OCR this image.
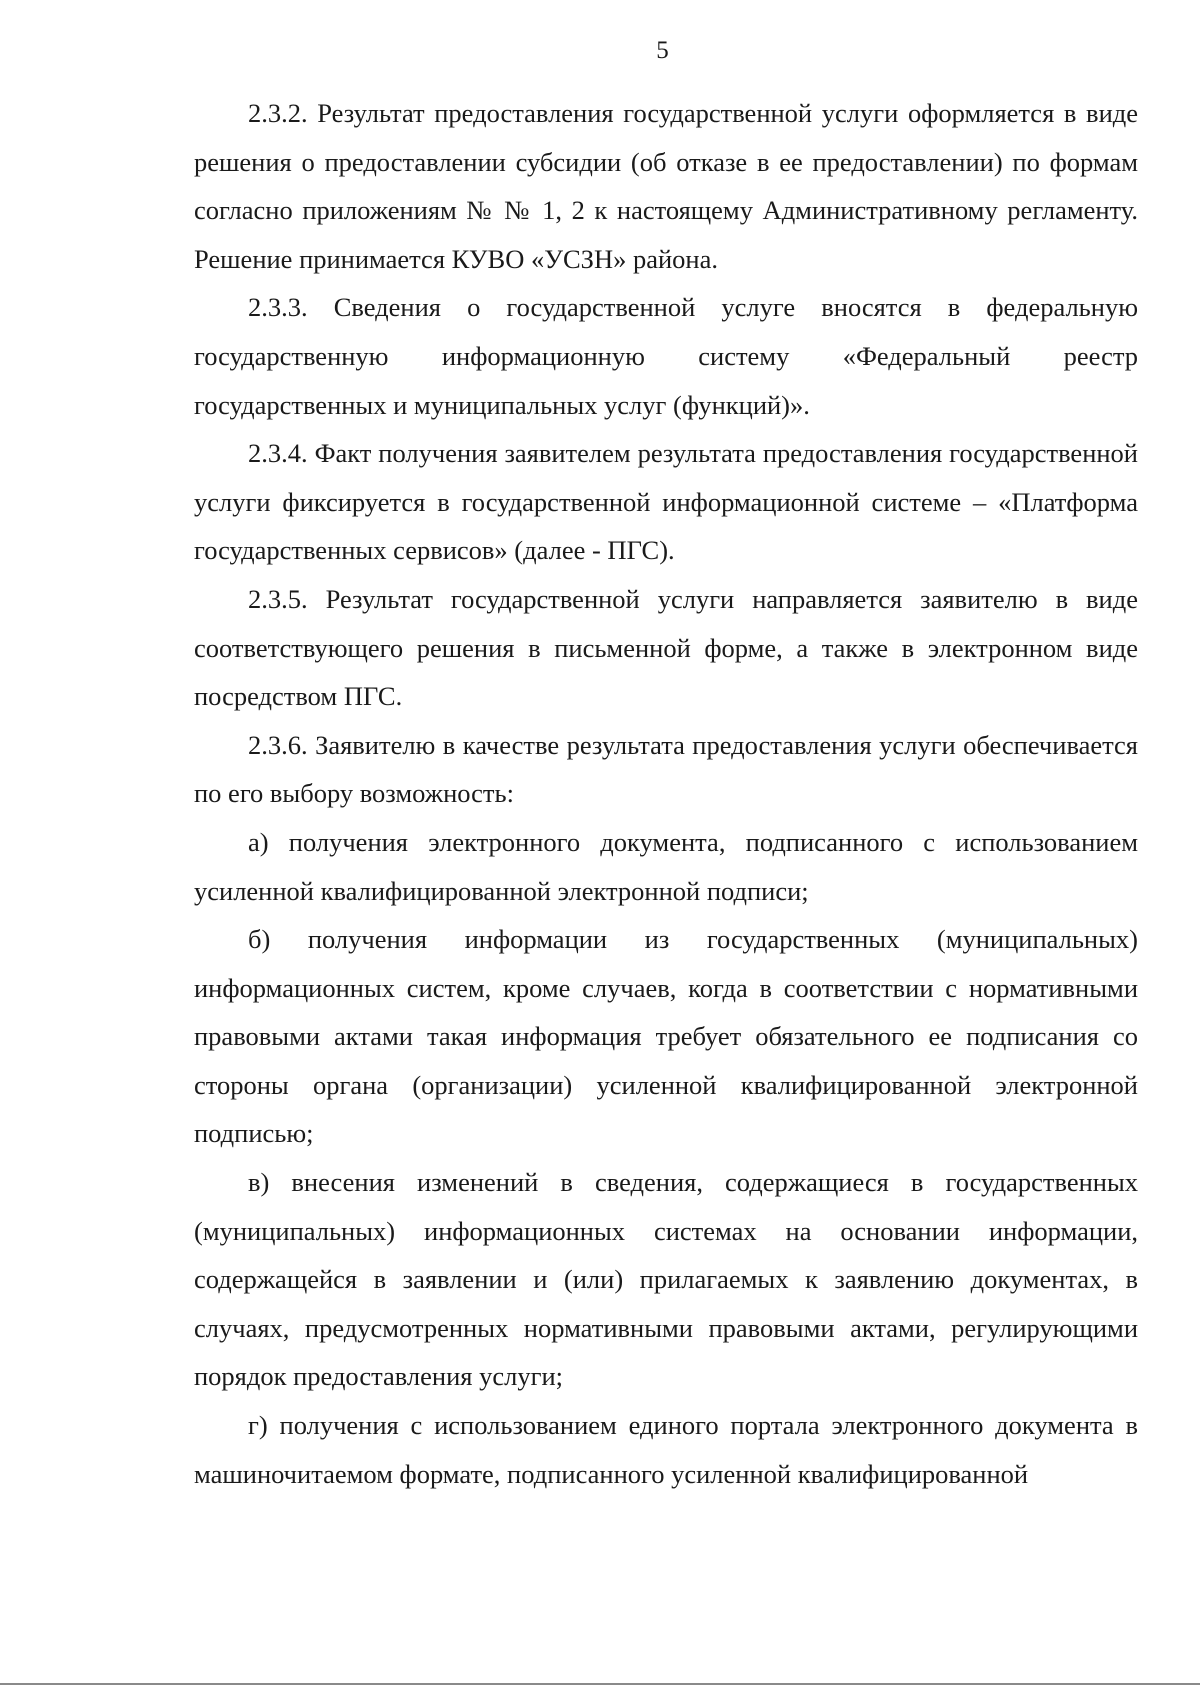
5

2.3.2. Результат предоставления государственной услуги оформляется в виде решения о предоставлении субсидии (об отказе в ее предоставлении) по формам согласно приложениям № № 1, 2 к настоящему Административному регламенту. Решение принимается КУВО «УСЗН» района.

2.3.3. Сведения о государственной услуге вносятся в федеральную государственную информационную систему «Федеральный реестр государственных и муниципальных услуг (функций)».

2.3.4. Факт получения заявителем результата предоставления государственной услуги фиксируется в государственной информационной системе – «Платформа государственных сервисов» (далее - ПГС).

2.3.5. Результат государственной услуги направляется заявителю в виде соответствующего решения в письменной форме, а также в электронном виде посредством ПГС.

2.3.6. Заявителю в качестве результата предоставления услуги обеспечивается по его выбору возможность:

а) получения электронного документа, подписанного с использованием усиленной квалифицированной электронной подписи;

б) получения информации из государственных (муниципальных) информационных систем, кроме случаев, когда в соответствии с нормативными правовыми актами такая информация требует обязательного ее подписания со стороны органа (организации) усиленной квалифицированной электронной подписью;

в) внесения изменений в сведения, содержащиеся в государственных (муниципальных) информационных системах на основании информации, содержащейся в заявлении и (или) прилагаемых к заявлению документах, в случаях, предусмотренных нормативными правовыми актами, регулирующими порядок предоставления услуги;

г) получения с использованием единого портала электронного документа в машиночитаемом формате, подписанного усиленной квалифицированной
